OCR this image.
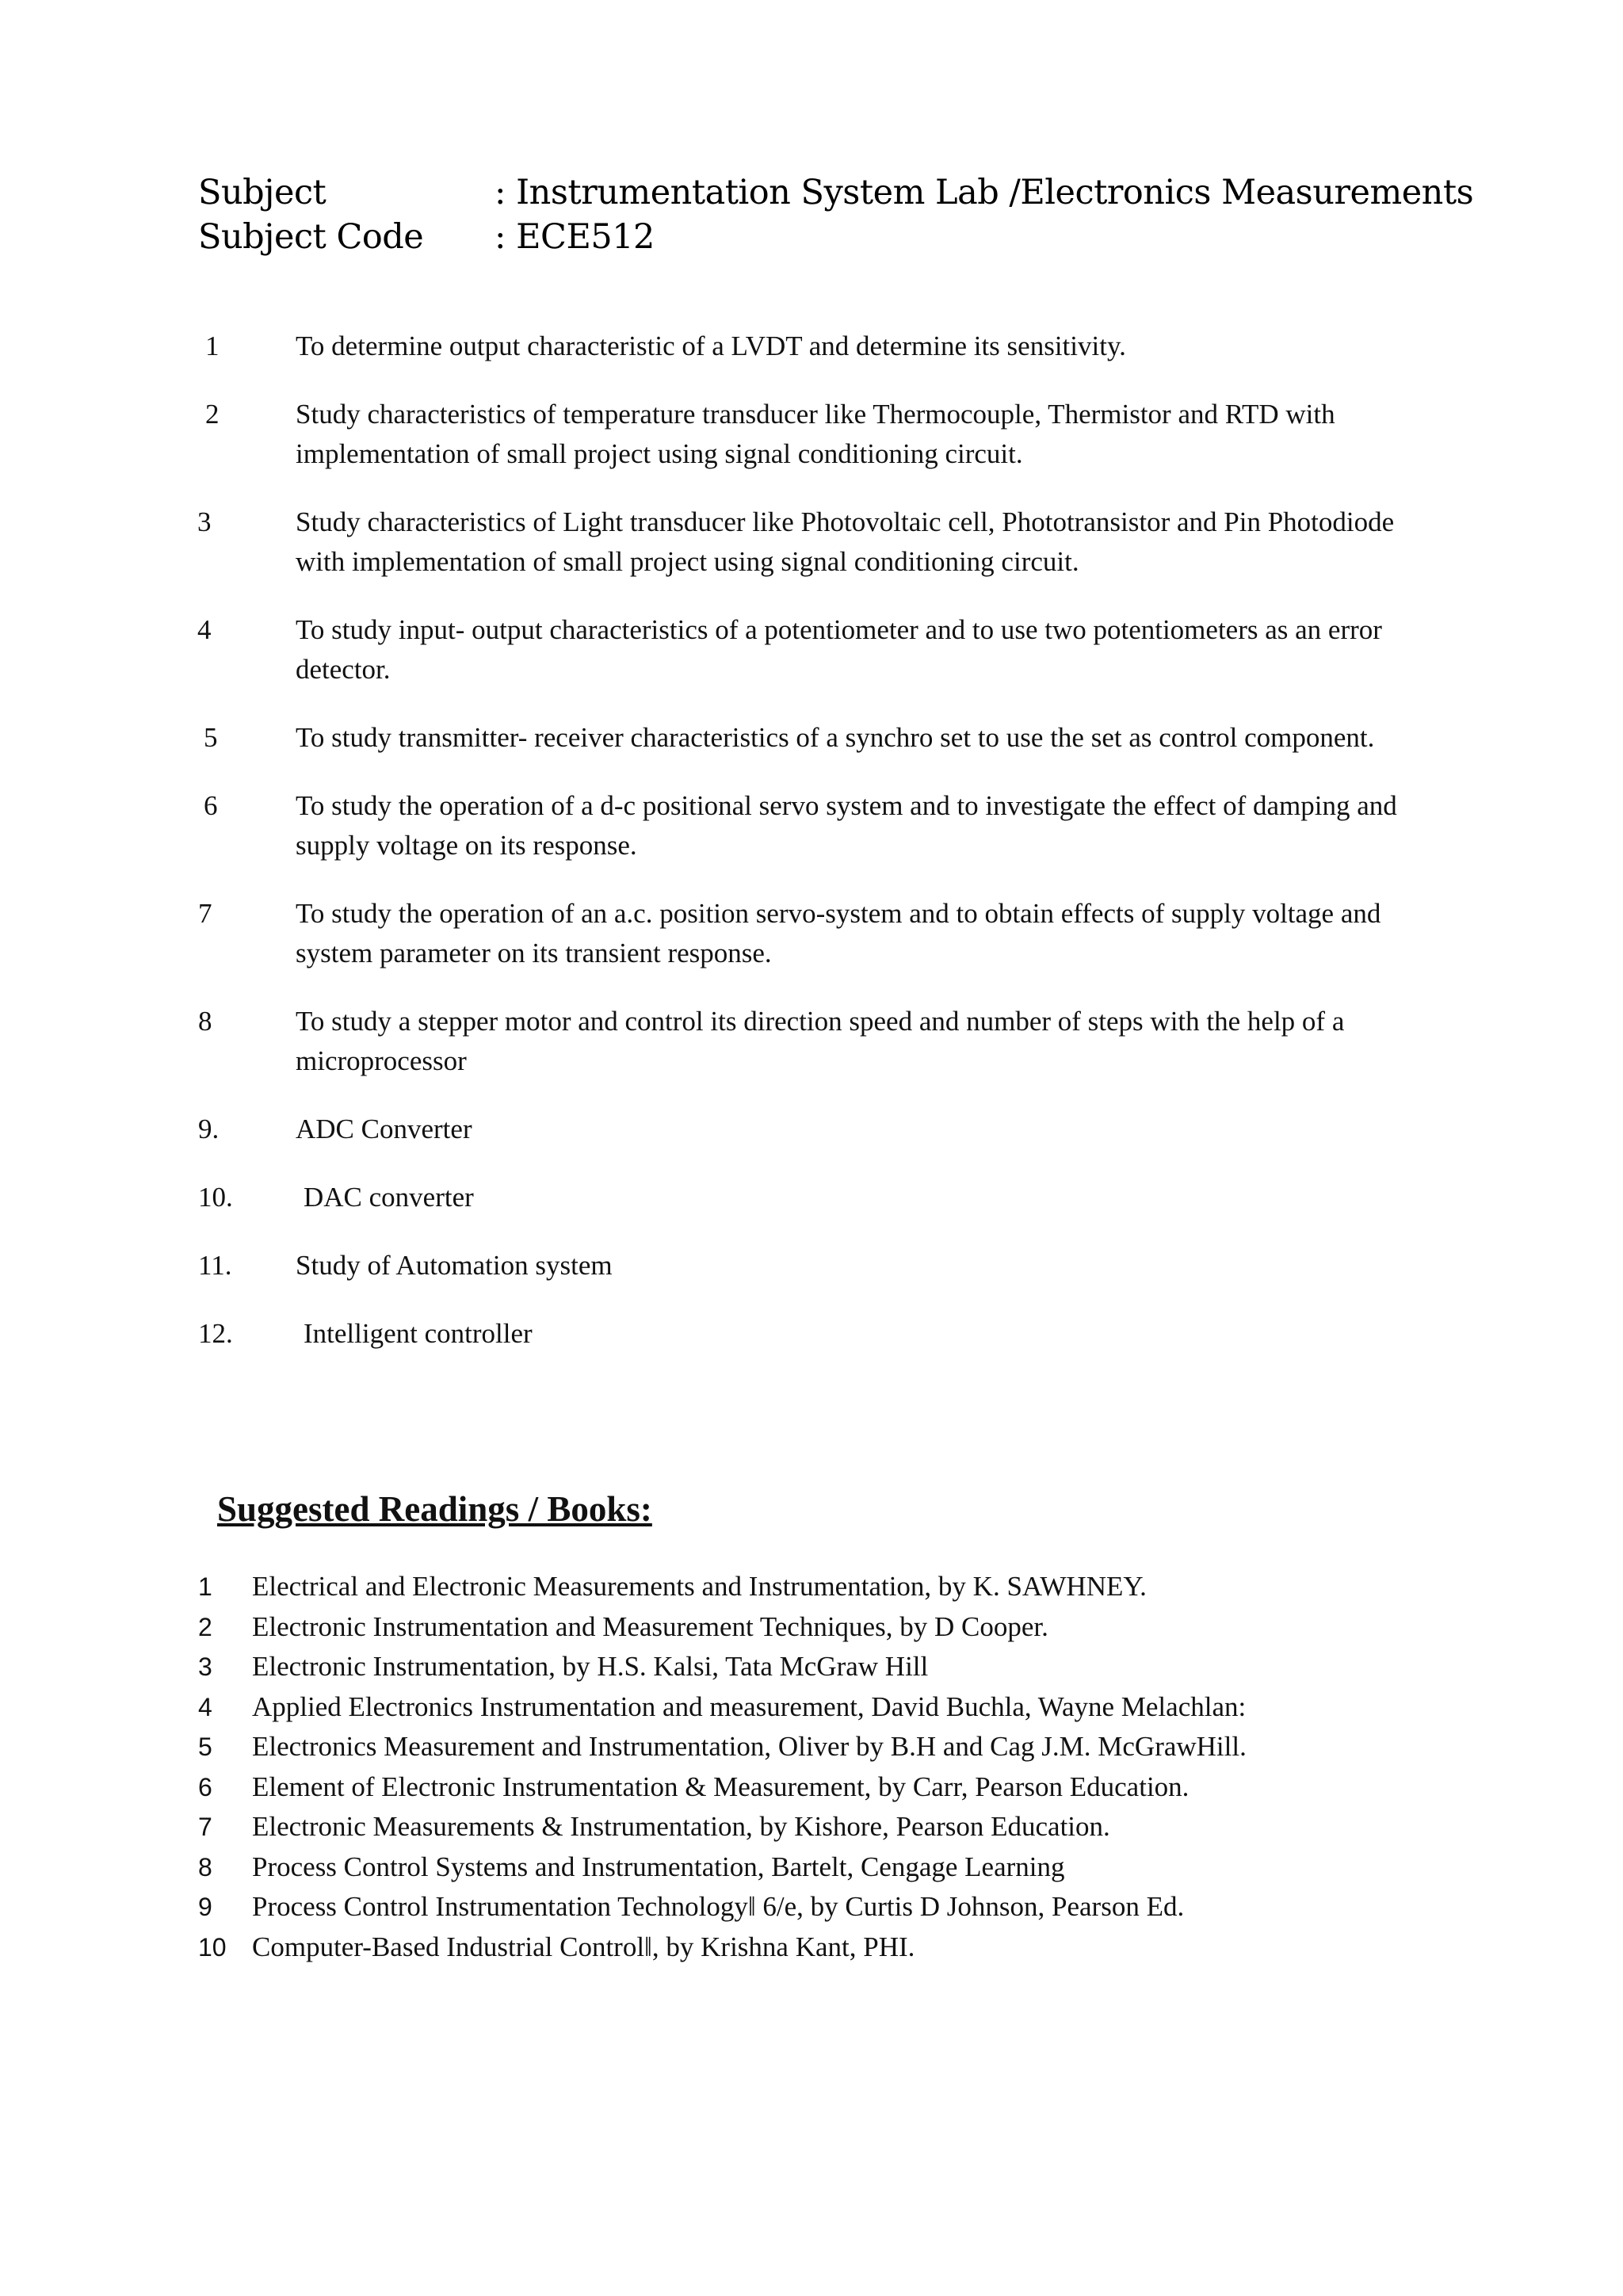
Subject	: Instrumentation System Lab /Electronics Measurements
Subject Code	: ECE512
1	To determine output characteristic of a LVDT and determine its sensitivity.
2	Study characteristics of temperature transducer like Thermocouple, Thermistor and RTD with implementation of small project using signal conditioning circuit.
3	Study characteristics of Light transducer like Photovoltaic cell, Phototransistor and Pin Photodiode with implementation of small project using signal conditioning circuit.
4	To study input- output characteristics of a potentiometer and to use two potentiometers as an error detector.
5	To study transmitter- receiver characteristics of a synchro set to use the set as control component.
6	To study the operation of a d-c positional servo system and to investigate the effect of damping and supply voltage on its response.
7	To study the operation of an a.c. position servo-system and to obtain effects of supply voltage and system parameter on its transient response.
8	To study a stepper motor and control its direction speed and number of steps with the help of a microprocessor
9.	ADC Converter
10.	DAC converter
11. Study of Automation system
12.	Intelligent controller
Suggested Readings / Books:
1 Electrical and Electronic Measurements and Instrumentation, by K. SAWHNEY.
2 Electronic Instrumentation and Measurement Techniques, by D Cooper.
3 Electronic Instrumentation, by H.S. Kalsi, Tata McGraw Hill
4 Applied Electronics Instrumentation and measurement, David Buchla, Wayne Melachlan:
5 Electronics Measurement and Instrumentation, Oliver by B.H and Cag J.M. McGrawHill.
6 Element of Electronic Instrumentation & Measurement, by Carr, Pearson Education.
7 Electronic Measurements & Instrumentation, by Kishore, Pearson Education.
8 Process Control Systems and Instrumentation, Bartelt, Cengage Learning
9 Process Control Instrumentation Technology‖ 6/e, by Curtis D Johnson, Pearson Ed.
10 Computer-Based Industrial Control‖, by Krishna Kant, PHI.
